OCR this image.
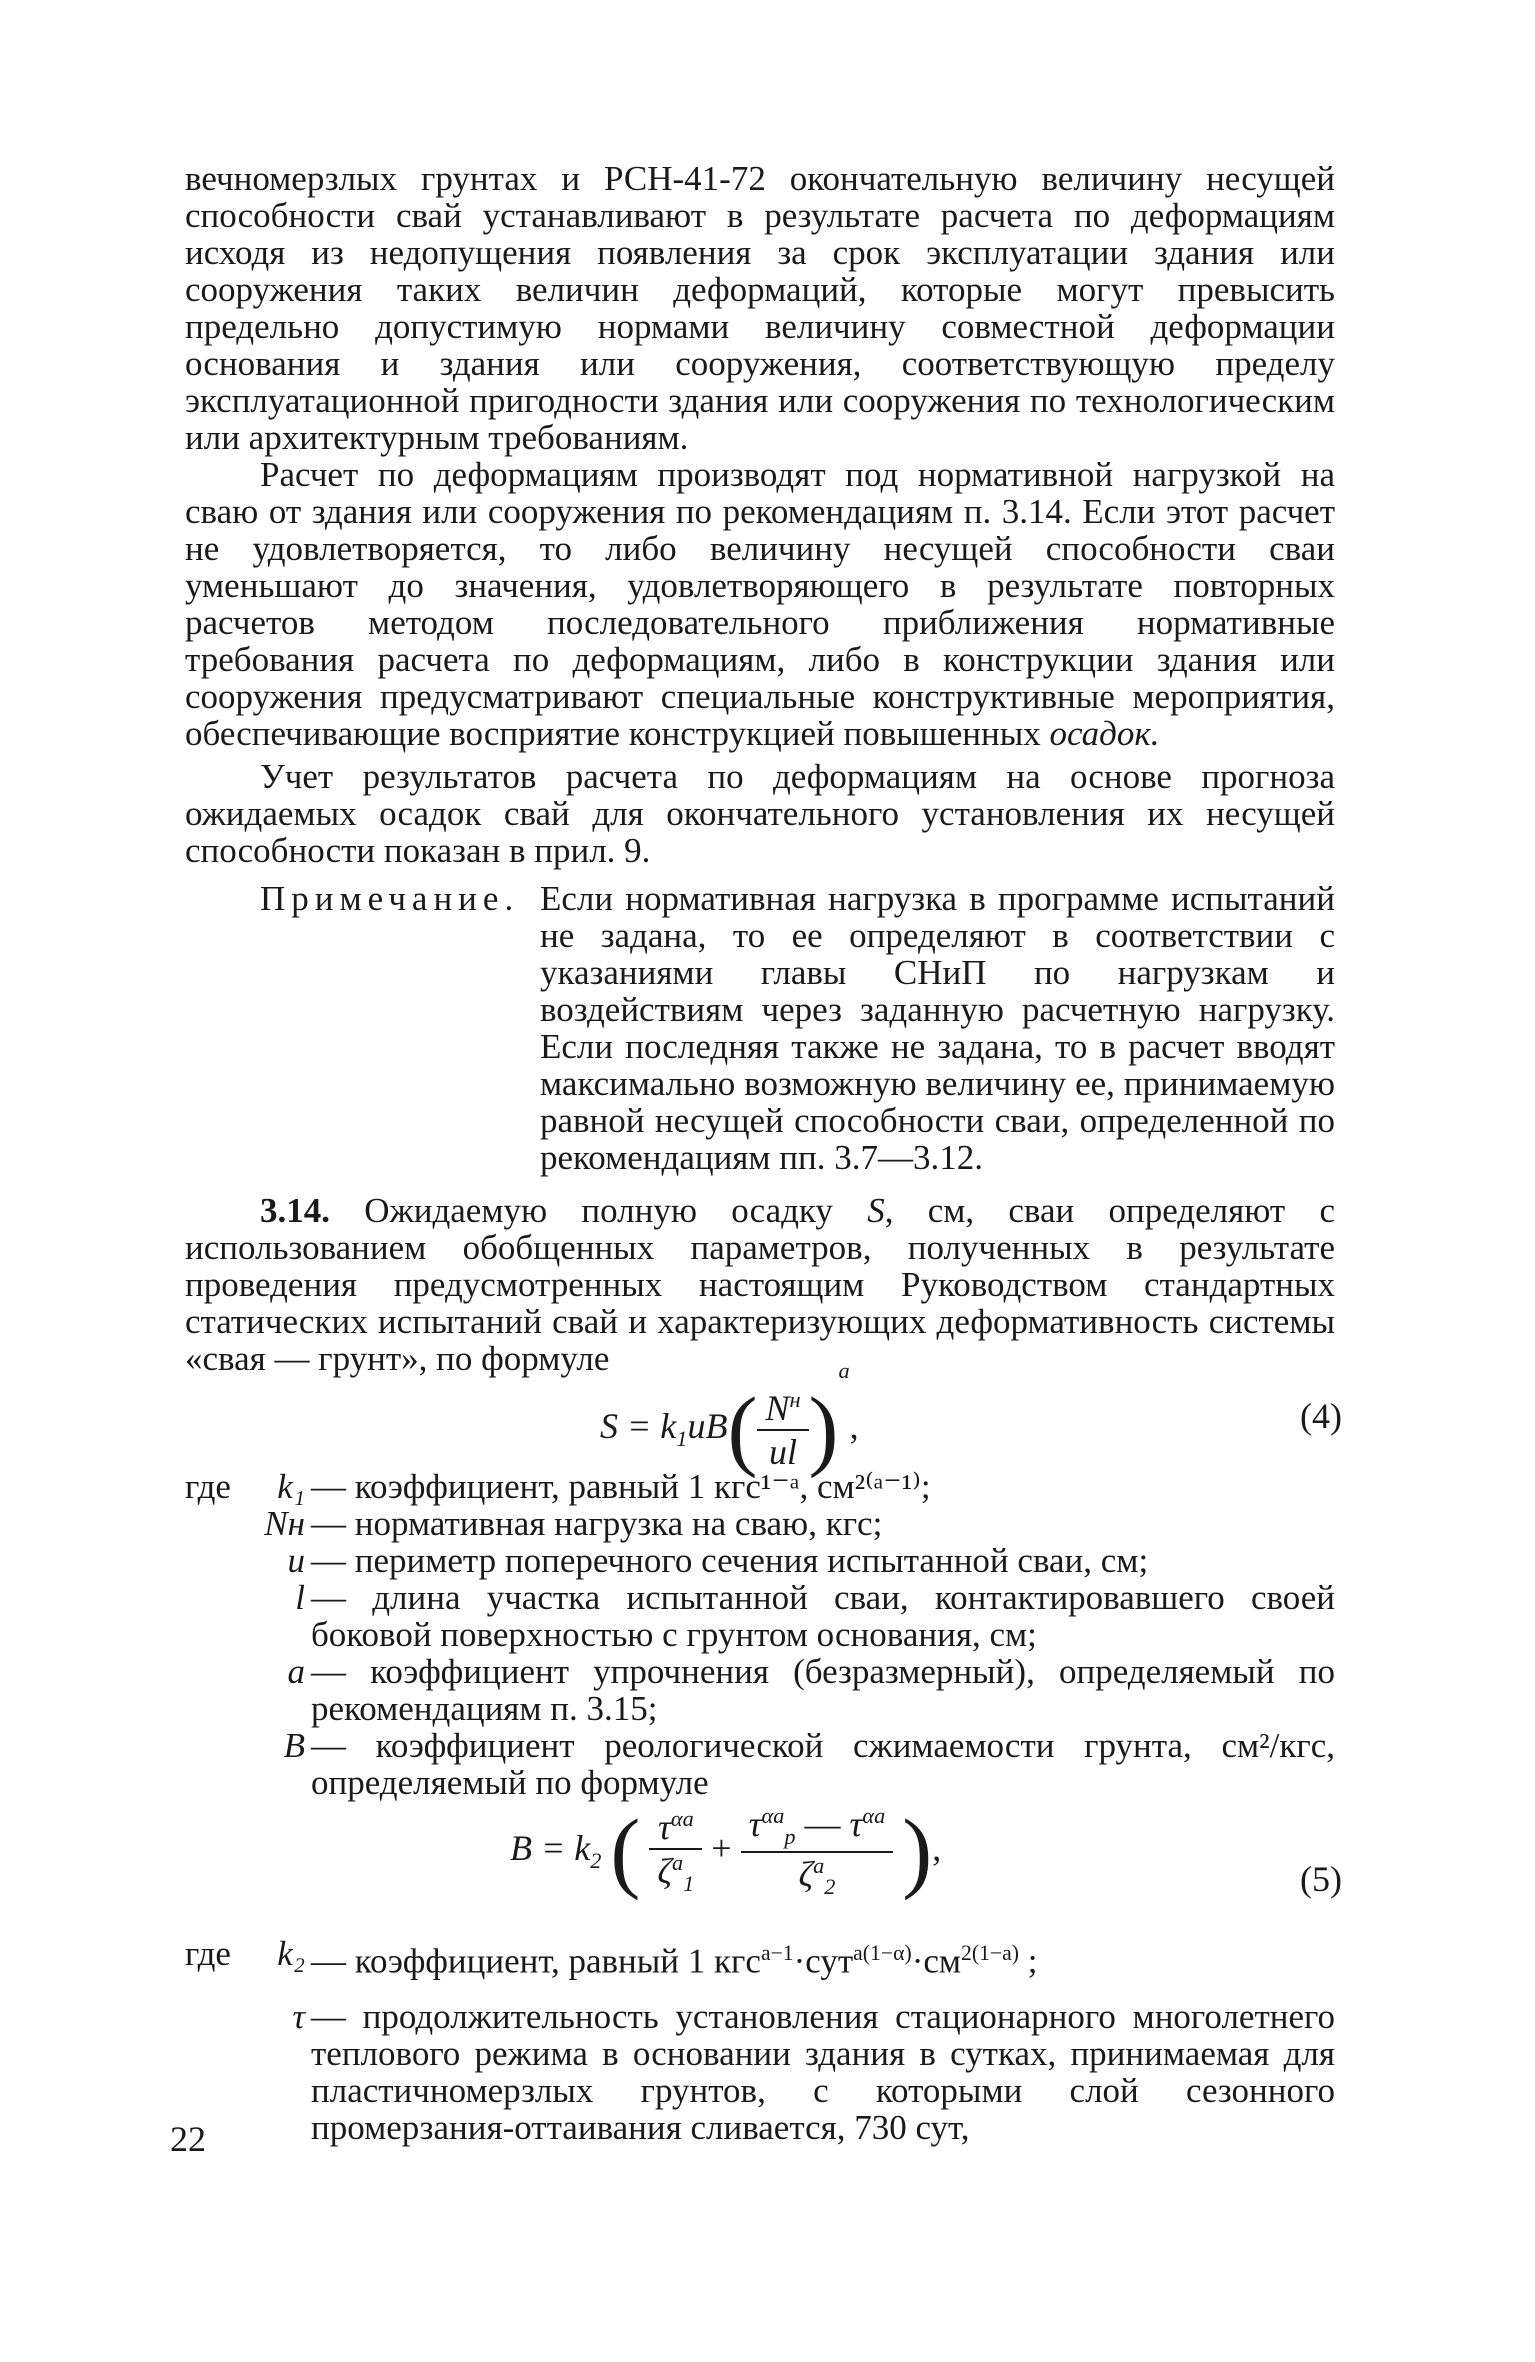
вечномерзлых грунтах и РСН-41-72 окончательную величину несущей способности свай устанавливают в результате расчета по деформациям исходя из недопущения появления за срок эксплуатации здания или сооружения таких величин деформаций, которые могут превысить предельно допустимую нормами величину совместной деформации основания и здания или сооружения, соответствующую пределу эксплуатационной пригодности здания или сооружения по технологическим или архитектурным требованиям.

Расчет по деформациям производят под нормативной нагрузкой на сваю от здания или сооружения по рекомендациям п. 3.14. Если этот расчет не удовлетворяется, то либо величину несущей способности сваи уменьшают до значения, удовлетворяющего в результате повторных расчетов методом последовательного приближения нормативные требования расчета по деформациям, либо в конструкции здания или сооружения предусматривают специальные конструктивные мероприятия, обеспечивающие восприятие конструкцией повышенных осадок.

Учет результатов расчета по деформациям на основе прогноза ожидаемых осадок свай для окончательного установления их несущей способности показан в прил. 9.

Примечание. Если нормативная нагрузка в программе испытаний не задана, то ее определяют в соответствии с указаниями главы СНиП по нагрузкам и воздействиям через заданную расчетную нагрузку. Если последняя также не задана, то в расчет вводят максимально возможную величину ее, принимаемую равной несущей способности сваи, определенной по рекомендациям пп. 3.7—3.12.
3.14. Ожидаемую полную осадку S, см, сваи определяют с использованием обобщенных параметров, полученных в результате проведения предусмотренных настоящим Руководством стандартных статических испытаний свай и характеризующих деформативность системы «свая — грунт», по формуле
$S = k_1uB( \frac{N^н}{ul} )^a$,	(4)
где	k₁ — коэффициент, равный 1 кгс¹⁻ᵃ, см²⁽ᵃ⁻¹⁾;
Nн — нормативная нагрузка на сваю, кгс;
u — периметр поперечного сечения испытанной сваи, см;
l — длина участка испытанной сваи, контактировавшего своей боковой поверхностью с грунтом основания, см;
a — коэффициент упрочнения (безразмерный), определяемый по рекомендациям п. 3.15;
B — коэффициент реологической сжимаемости грунта, см²/кгс, определяемый по формуле
$B = k_2$ ( $\frac{\tau^{\alpha a}}{\zeta^a_1} + \frac{\tau^{\alpha a}_р — \tau^{\alpha a}}{\zeta^a_2}$ ),
(5)
где	k₂ — коэффициент, равный 1 $кгс^{a-1}\cdot сут^{a(1-\alpha)}\cdot см^{2(1-a)}$ ;
τ — продолжительность установления стационарного многолетнего теплового режима в основании здания в сутках, принимаемая для пластичномерзлых грунтов, с которыми слой сезонного промерзания-оттаивания сливается, 730 сут,
22
